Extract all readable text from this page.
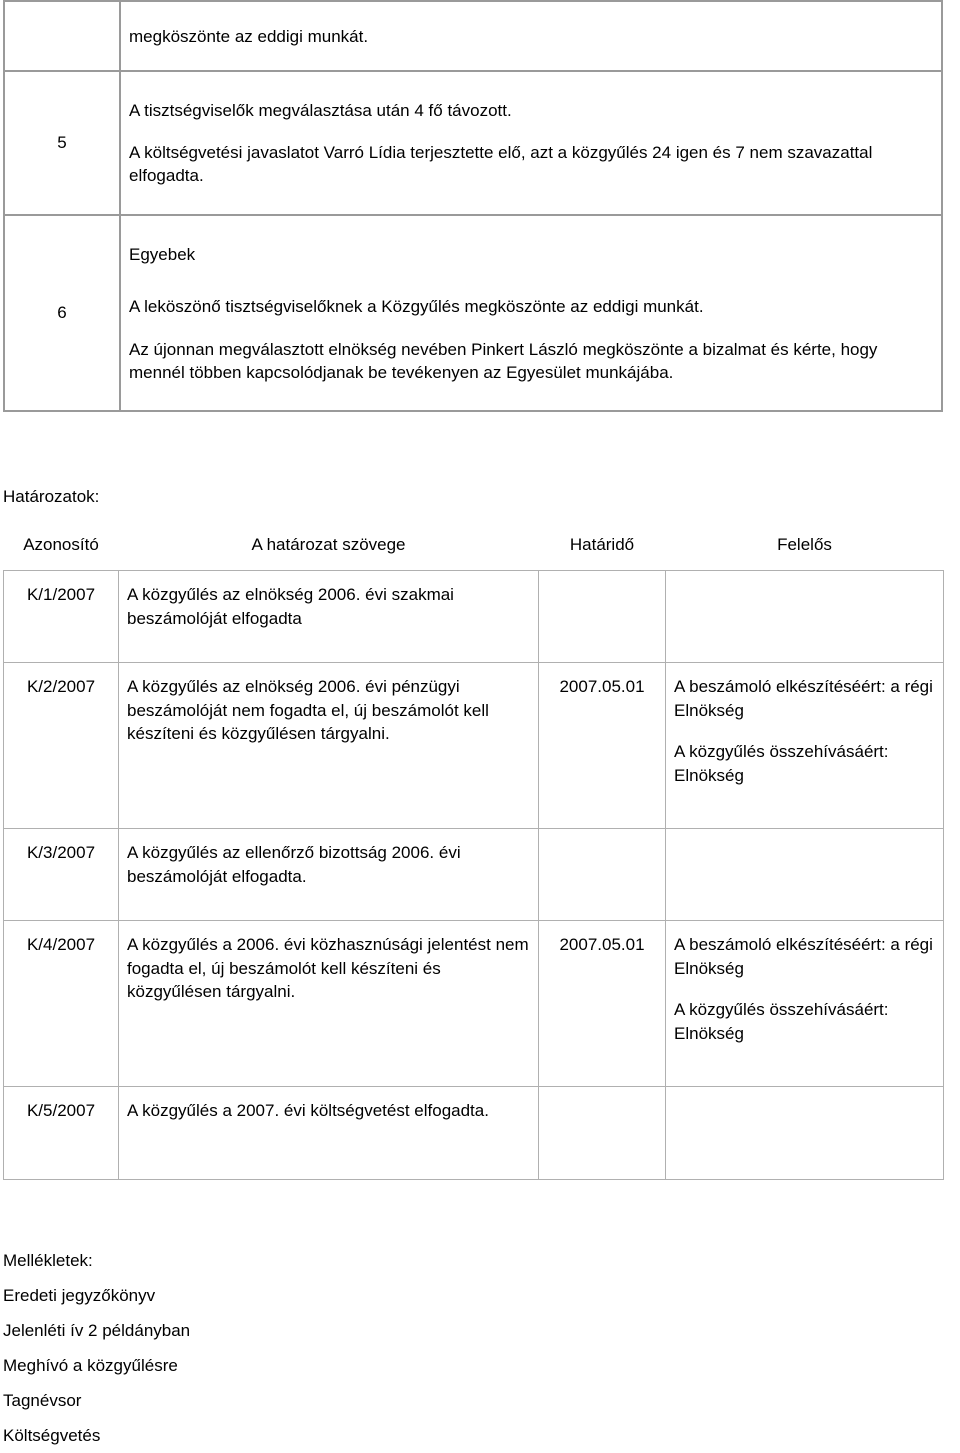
	megköszönte az eddigi munkát.

5	A tisztségviselők megválasztása után 4 fő távozott.

A költségvetési javaslatot Varró Lídia terjesztette elő, azt a közgyűlés 24 igen és 7 nem szavazattal elfogadta.

6	Egyebek

A leköszönő tisztségviselőknek a Közgyűlés megköszönte az eddigi munkát.

Az újonnan megválasztott elnökség nevében Pinkert László megköszönte a bizalmat és kérte, hogy mennél többen kapcsolódjanak be tevékenyen az Egyesület munkájába.

Határozatok:
Azonosító	A határozat szövege	Határidő	Felelős
K/1/2007	A közgyűlés az elnökség 2006. évi szakmai beszámolóját elfogadta		

K/2/2007	A közgyűlés az elnökség 2006. évi pénzügyi beszámolóját nem fogadta el, új beszámolót kell készíteni és közgyűlésen tárgyalni.	2007.05.01	A beszámoló elkészítéséért: a régi Elnökség

A közgyűlés összehívásáért: Elnökség

K/3/2007	A közgyűlés az ellenőrző bizottság 2006. évi beszámolóját elfogadta.		

K/4/2007	A közgyűlés a 2006. évi közhasznúsági jelentést nem fogadta el, új beszámolót kell készíteni és közgyűlésen tárgyalni.	2007.05.01	A beszámoló elkészítéséért: a régi Elnökség

A közgyűlés összehívásáért: Elnökség

K/5/2007	A közgyűlés a 2007. évi költségvetést elfogadta.		

Mellékletek:
Eredeti jegyzőkönyv
Jelenléti ív 2 példányban
Meghívó a közgyűlésre
Tagnévsor
Költségvetés
